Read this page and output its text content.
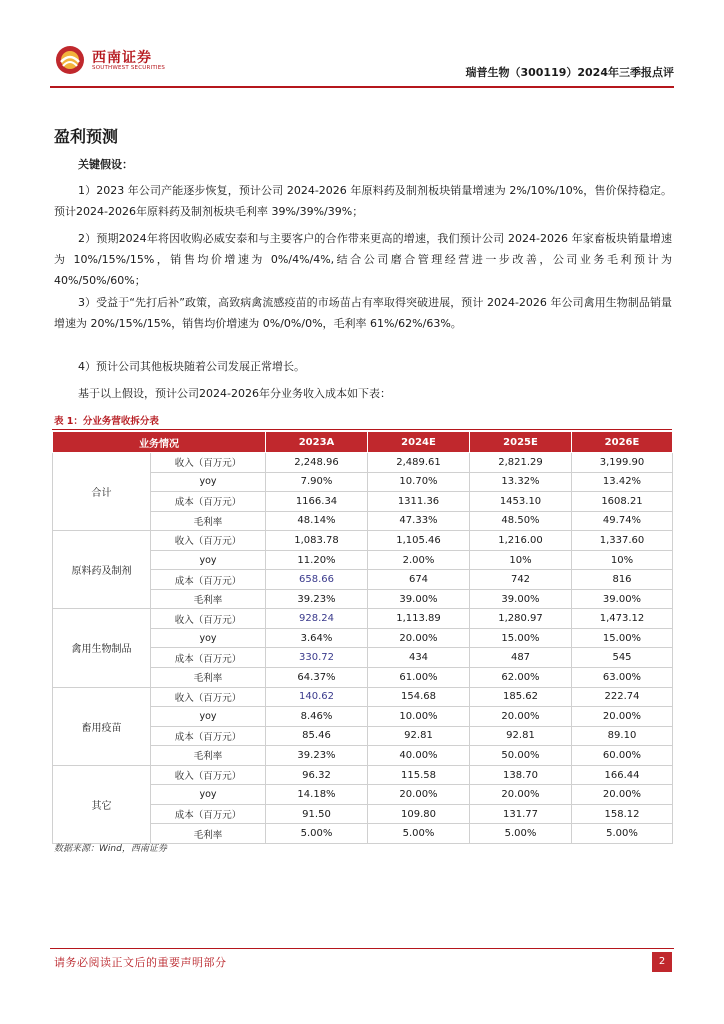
西南证券
SOUTHWEST SECURITIES	瑞普生物（300119）2024年三季报点评
盈利预测
关键假设：
1）2023 年公司产能逐步恢复，预计公司 2024-2026 年原料药及制剂板块销量增速为 2%/10%/10%，售价保持稳定。预计2024-2026年原料药及制剂板块毛利率 39%/39%/39%；
2）预期2024年将因收购必威安泰和与主要客户的合作带来更高的增速，我们预计公司 2024-2026 年家畜板块销量增速为 10%/15%/15%，销售均价增速为 0%/4%/4%,结合公司磨合管理经营进一步改善，公司业务毛利预计为 40%/50%/60%；
3）受益于“先打后补”政策，高致病禽流感疫苗的市场苗占有率取得突破进展，预计 2024-2026 年公司禽用生物制品销量增速为 20%/15%/15%，销售均价增速为 0%/0%/0%，毛利率 61%/62%/63%。
4）预计公司其他板块随着公司发展正常增长。
基于以上假设，预计公司2024-2026年分业务收入成本如下表：
表 1：分业务营收拆分表
业务情况		2023A	2024E	2025E	2026E
合计	收入（百万元）	2,248.96	2,489.61	2,821.29	3,199.90
	yoy	7.90%	10.70%	13.32%	13.42%
	成本（百万元）	1166.34	1311.36	1453.10	1608.21
	毛利率	48.14%	47.33%	48.50%	49.74%
原料药及制剂	收入（百万元）	1,083.78	1,105.46	1,216.00	1,337.60
	yoy	11.20%	2.00%	10%	10%
	成本（百万元）	658.66	674	742	816
	毛利率	39.23%	39.00%	39.00%	39.00%
禽用生物制品	收入（百万元）	928.24	1,113.89	1,280.97	1,473.12
	yoy	3.64%	20.00%	15.00%	15.00%
	成本（百万元）	330.72	434	487	545
	毛利率	64.37%	61.00%	62.00%	63.00%
畜用疫苗	收入（百万元）	140.62	154.68	185.62	222.74
	yoy	8.46%	10.00%	20.00%	20.00%
	成本（百万元）	85.46	92.81	92.81	89.10
	毛利率	39.23%	40.00%	50.00%	60.00%
其它	收入（百万元）	96.32	115.58	138.70	166.44
	yoy	14.18%	20.00%	20.00%	20.00%
	成本（百万元）	91.50	109.80	131.77	158.12
	毛利率	5.00%	5.00%	5.00%	5.00%
数据来源：Wind，西南证券
请务必阅读正文后的重要声明部分	2
